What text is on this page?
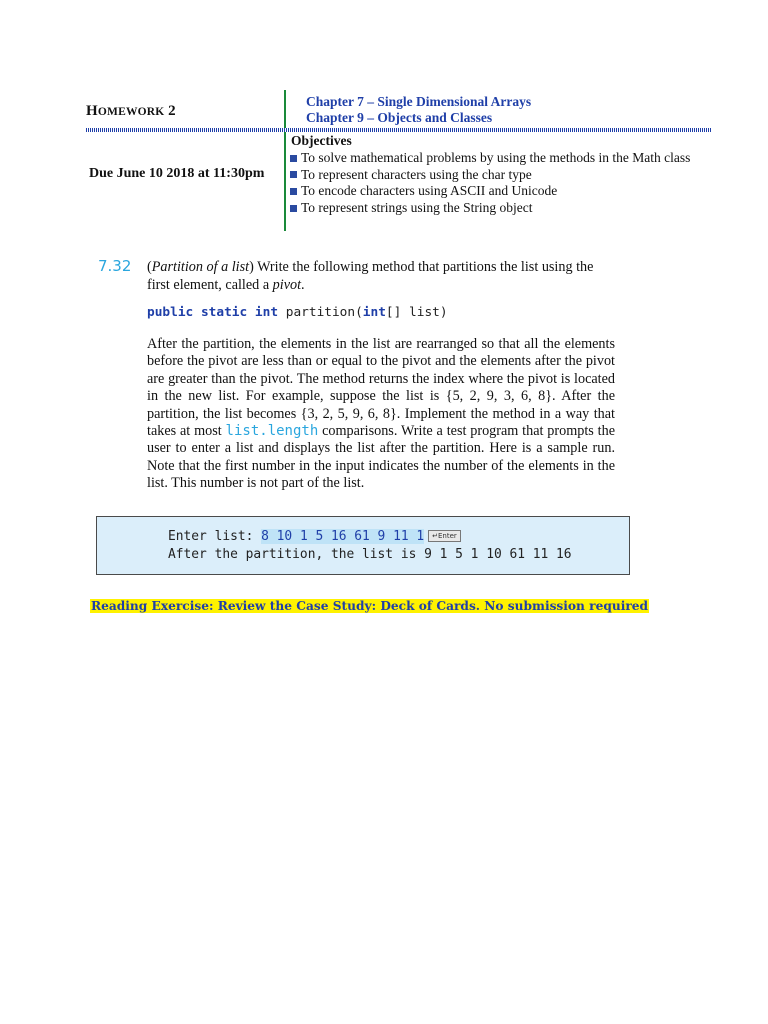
HOMEWORK 2
Chapter 7 – Single Dimensional Arrays
Chapter 9 – Objects and Classes
Due June 10 2018 at 11:30pm
Objectives
To solve mathematical problems by using the methods in the Math class
To represent characters using the char type
To encode characters using ASCII and Unicode
To represent strings using the String object
7.32 (Partition of a list) Write the following method that partitions the list using the first element, called a pivot.
public static int partition(int[] list)
After the partition, the elements in the list are rearranged so that all the elements before the pivot are less than or equal to the pivot and the elements after the pivot are greater than the pivot. The method returns the index where the pivot is located in the new list. For example, suppose the list is {5, 2, 9, 3, 6, 8}. After the partition, the list becomes {3, 2, 5, 9, 6, 8}. Implement the method in a way that takes at most list.length comparisons. Write a test program that prompts the user to enter a list and displays the list after the partition. Here is a sample run. Note that the first number in the input indicates the number of the elements in the list. This number is not part of the list.
Enter list: 8 10 1 5 16 61 9 11 1 ↵Enter
After the partition, the list is 9 1 5 1 10 61 11 16
Reading Exercise: Review the Case Study: Deck of Cards. No submission required
